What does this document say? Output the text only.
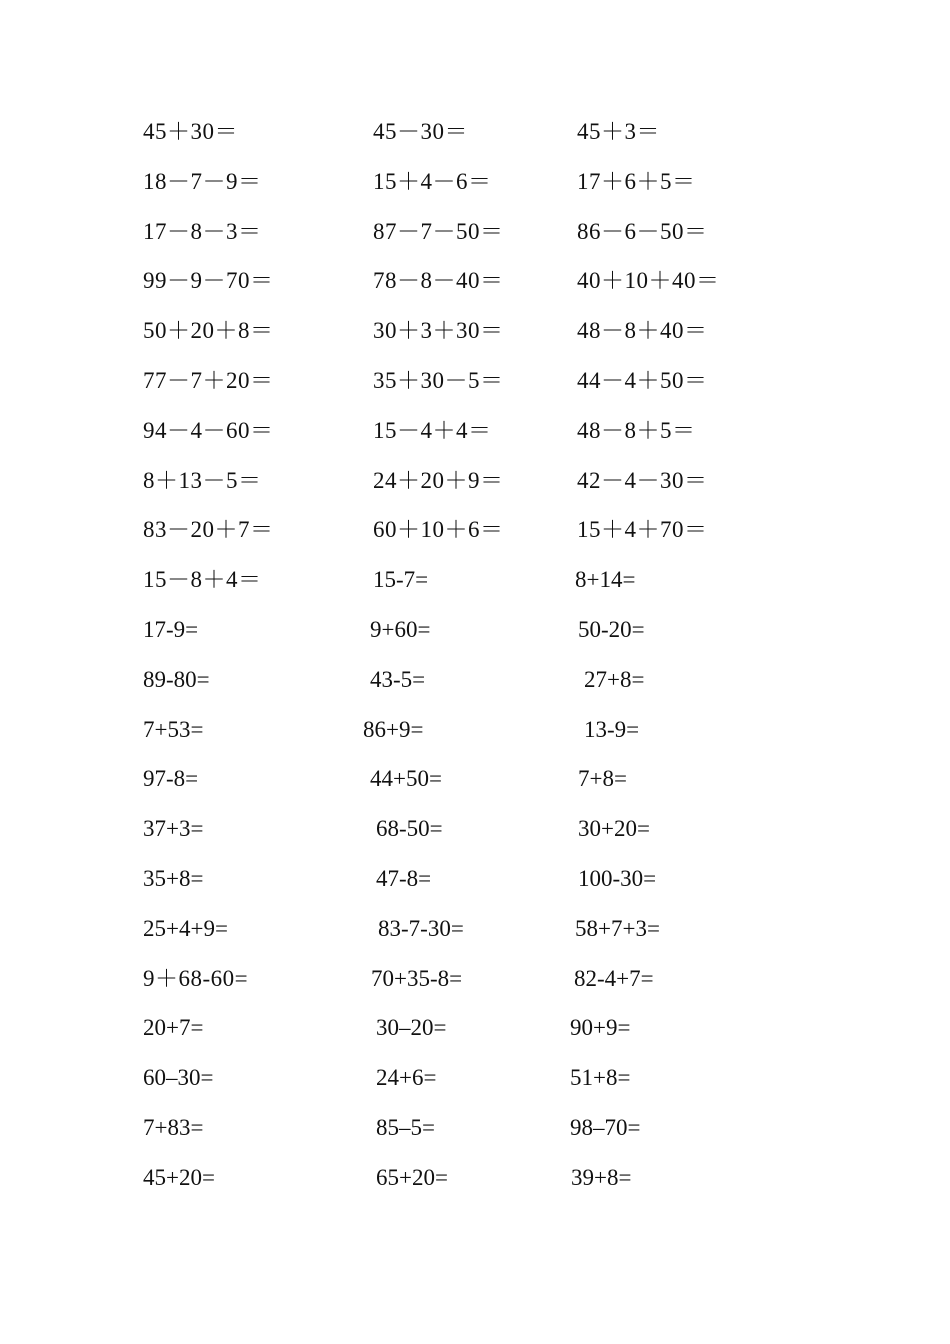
45＋30＝	45－30＝	45＋3＝
18－7－9＝	15＋4－6＝	17＋6＋5＝
17－8－3＝	87－7－50＝	86－6－50＝
99－9－70＝	78－8－40＝	40＋10＋40＝
50＋20＋8＝	30＋3＋30＝	48－8＋40＝
77－7＋20＝	35＋30－5＝	44－4＋50＝
94－4－60＝	15－4＋4＝	48－8＋5＝
8＋13－5＝	24＋20＋9＝	42－4－30＝
83－20＋7＝	60＋10＋6＝	15＋4＋70＝
15－8＋4＝	15-7=	8+14=
17-9=	9+60=	50-20=
89-80=	43-5=	27+8=
7+53=	86+9=	13-9=
97-8=	44+50=	7+8=
37+3=	68-50=	30+20=
35+8=	47-8=	100-30=
25+4+9=	83-7-30=	58+7+3=
9＋68-60=	70+35-8=	82-4+7=
20+7=	30–20=	90+9=
60–30=	24+6=	51+8=
7+83=	85–5=	98–70=
45+20=	65+20=	39+8=
